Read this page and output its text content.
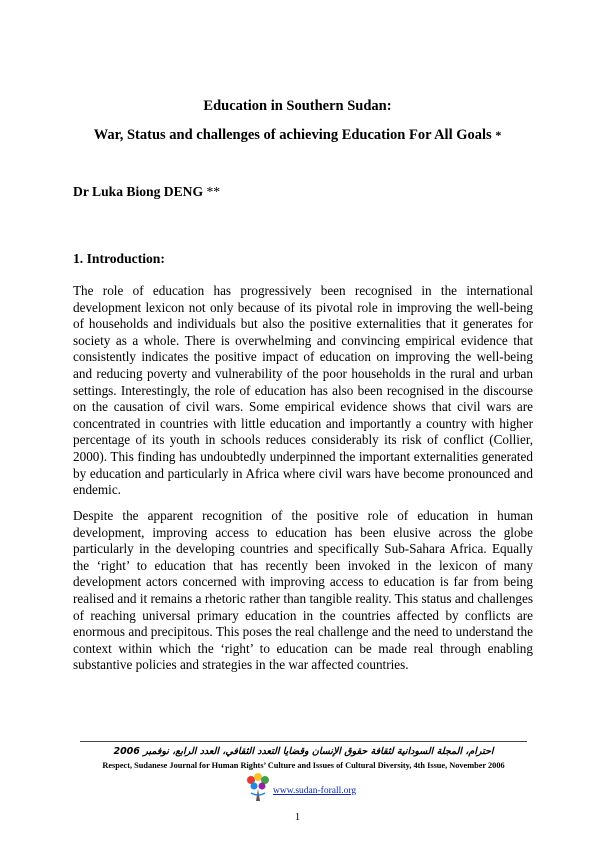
Education in Southern Sudan:
War, Status and challenges of achieving Education For All Goals *
Dr Luka Biong DENG **
1. Introduction:

The role of education has progressively been recognised in the international development lexicon not only because of its pivotal role in improving the well-being of households and individuals but also the positive externalities that it generates for society as a whole. There is overwhelming and convincing empirical evidence that consistently indicates the positive impact of education on improving the well-being and reducing poverty and vulnerability of the poor households in the rural and urban settings. Interestingly, the role of education has also been recognised in the discourse on the causation of civil wars. Some empirical evidence shows that civil wars are concentrated in countries with little education and importantly a country with higher percentage of its youth in schools reduces considerably its risk of conflict (Collier, 2000). This finding has undoubtedly underpinned the important externalities generated by education and particularly in Africa where civil wars have become pronounced and endemic.

Despite the apparent recognition of the positive role of education in human development, improving access to education has been elusive across the globe particularly in the developing countries and specifically Sub-Sahara Africa. Equally the ‘right’ to education that has recently been invoked in the lexicon of many development actors concerned with improving access to education is far from being realised and it remains a rhetoric rather than tangible reality. This status and challenges of reaching universal primary education in the countries affected by conflicts are enormous and precipitous. This poses the real challenge and the need to understand the context within which the ‘right’ to education can be made real through enabling substantive policies and strategies in the war affected countries.

احترام، المجلة السودانية لثقافة حقوق الإنسان وقضايا التعدد الثقافي، العدد الرابع، نوفمبر 2006
Respect, Sudanese Journal for Human Rights’ Culture and Issues of Cultural Diversity, 4th Issue, November 2006
www.sudan-forall.org
1
